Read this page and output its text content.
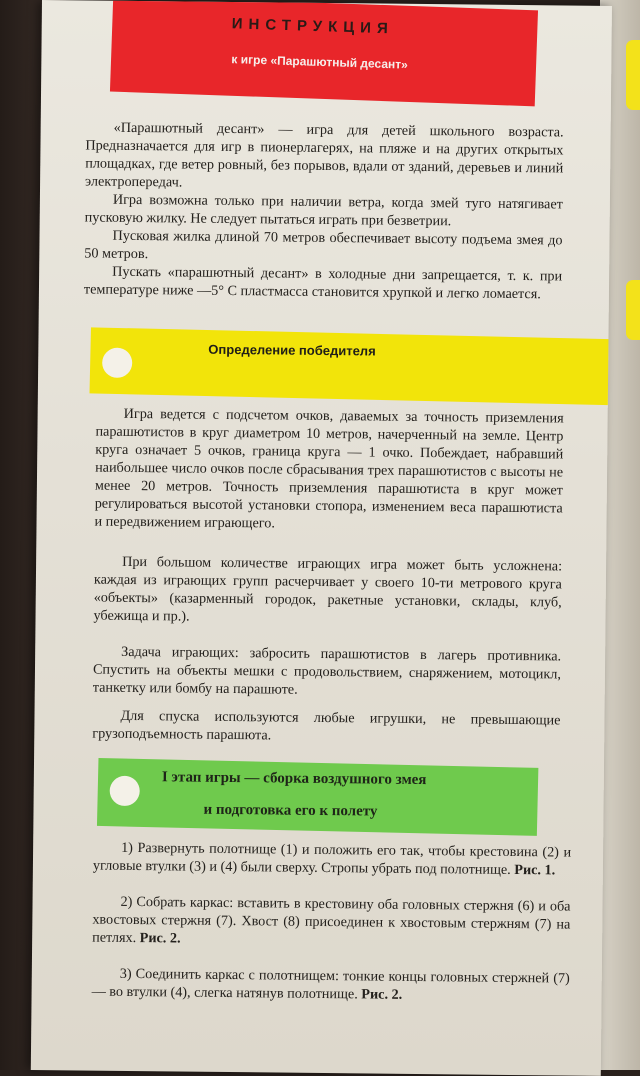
ИНСТРУКЦИЯ
к игре «Парашютный десант»

«Парашютный десант» — игра для детей школьного возраста. Предназначается для игр в пионерлагерях, на пляже и на других открытых площадках, где ветер ровный, без порывов, вдали от зданий, деревьев и линий электропередач.

Игра возможна только при наличии ветра, когда змей туго натягивает пусковую жилку. Не следует пытаться играть при безветрии.

Пусковая жилка длиной 70 метров обеспечивает высоту подъема змея до 50 метров.

Пускать «парашютный десант» в холодные дни запрещается, т. к. при температуре ниже —5° С пластмасса становится хрупкой и легко ломается.

Определение победителя

Игра ведется с подсчетом очков, даваемых за точность приземления парашютистов в круг диаметром 10 метров, начерченный на земле. Центр круга означает 5 очков, граница круга — 1 очко. Побеждает, набравший наибольшее число очков после сбрасывания трех парашютистов с высоты не менее 20 метров. Точность приземления парашютиста в круг может регулироваться высотой установки стопора, изменением веса парашютиста и передвижением играющего.

При большом количестве играющих игра может быть усложнена: каждая из играющих групп расчерчивает у своего 10-ти метрового круга «объекты» (казарменный городок, ракетные установки, склады, клуб, убежища и пр.).

Задача играющих: забросить парашютистов в лагерь противника. Спустить на объекты мешки с продовольствием, снаряжением, мотоцикл, танкетку или бомбу на парашюте.

Для спуска используются любые игрушки, не превышающие грузоподъемность парашюта.

I этап игры — сборка воздушного змея
и подготовка его к полету

1) Развернуть полотнище (1) и положить его так, чтобы крестовина (2) и угловые втулки (3) и (4) были сверху. Стропы убрать под полотнище. Рис. 1.

2) Собрать каркас: вставить в крестовину оба головных стержня (6) и оба хвостовых стержня (7). Хвост (8) присоединен к хвостовым стержням (7) на петлях. Рис. 2.

3) Соединить каркас с полотнищем: тонкие концы головных стержней (7) — во втулки (4), слегка натянув полотнище. Рис. 2.
